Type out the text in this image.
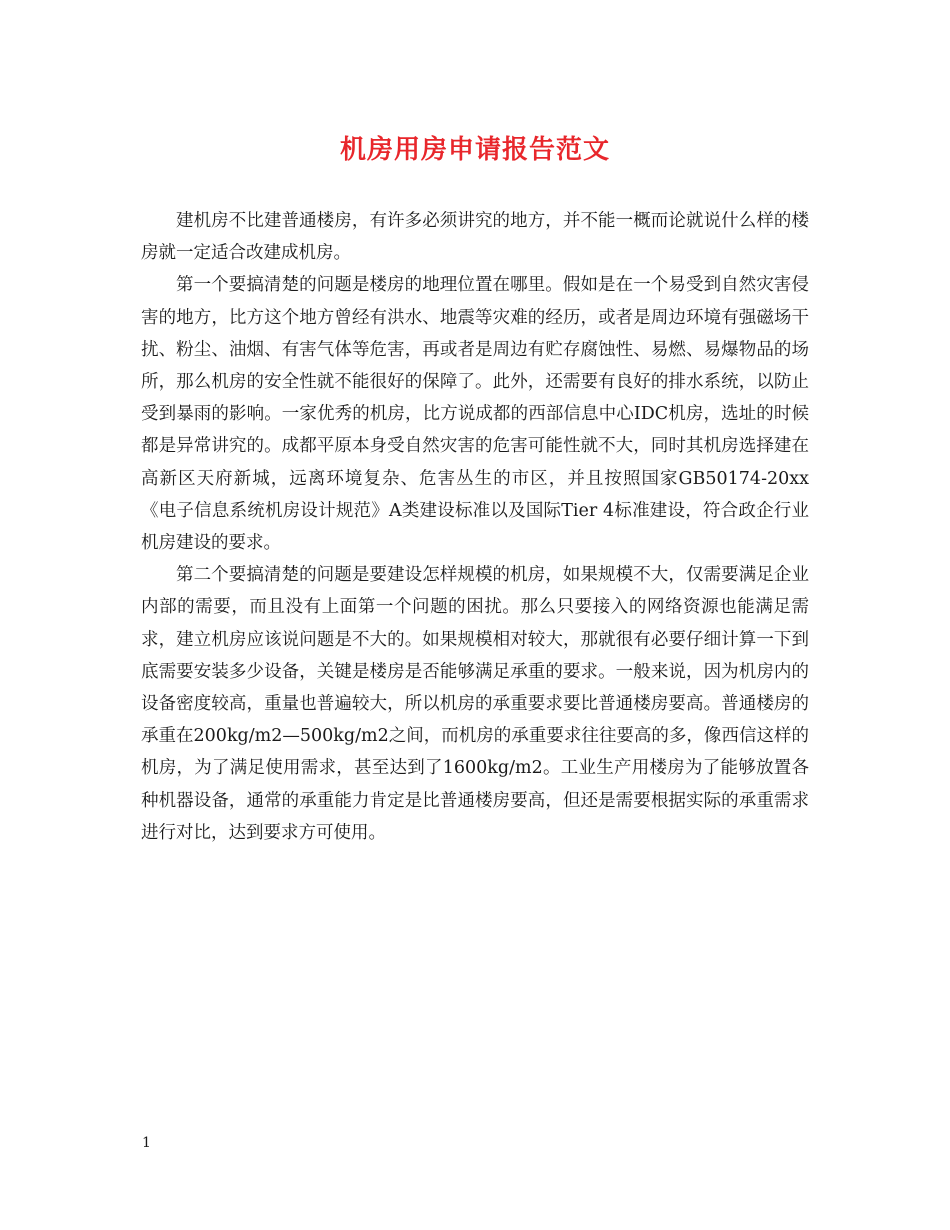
机房用房申请报告范文

建机房不比建普通楼房，有许多必须讲究的地方，并不能一概而论就说什么样的楼房就一定适合改建成机房。

第一个要搞清楚的问题是楼房的地理位置在哪里。假如是在一个易受到自然灾害侵害的地方，比方这个地方曾经有洪水、地震等灾难的经历，或者是周边环境有强磁场干扰、粉尘、油烟、有害气体等危害，再或者是周边有贮存腐蚀性、易燃、易爆物品的场所，那么机房的安全性就不能很好的保障了。此外，还需要有良好的排水系统，以防止受到暴雨的影响。一家优秀的机房，比方说成都的西部信息中心IDC机房，选址的时候都是异常讲究的。成都平原本身受自然灾害的危害可能性就不大，同时其机房选择建在高新区天府新城，远离环境复杂、危害丛生的市区，并且按照国家GB50174-20xx《电子信息系统机房设计规范》A类建设标准以及国际Tier 4标准建设，符合政企行业机房建设的要求。

第二个要搞清楚的问题是要建设怎样规模的机房，如果规模不大，仅需要满足企业内部的需要，而且没有上面第一个问题的困扰。那么只要接入的网络资源也能满足需求，建立机房应该说问题是不大的。如果规模相对较大，那就很有必要仔细计算一下到底需要安装多少设备，关键是楼房是否能够满足承重的要求。一般来说，因为机房内的设备密度较高，重量也普遍较大，所以机房的承重要求要比普通楼房要高。普通楼房的承重在200kg/m2—500kg/m2之间，而机房的承重要求往往要高的多，像西信这样的机房，为了满足使用需求，甚至达到了1600kg/m2。工业生产用楼房为了能够放置各种机器设备，通常的承重能力肯定是比普通楼房要高，但还是需要根据实际的承重需求进行对比，达到要求方可使用。

1
